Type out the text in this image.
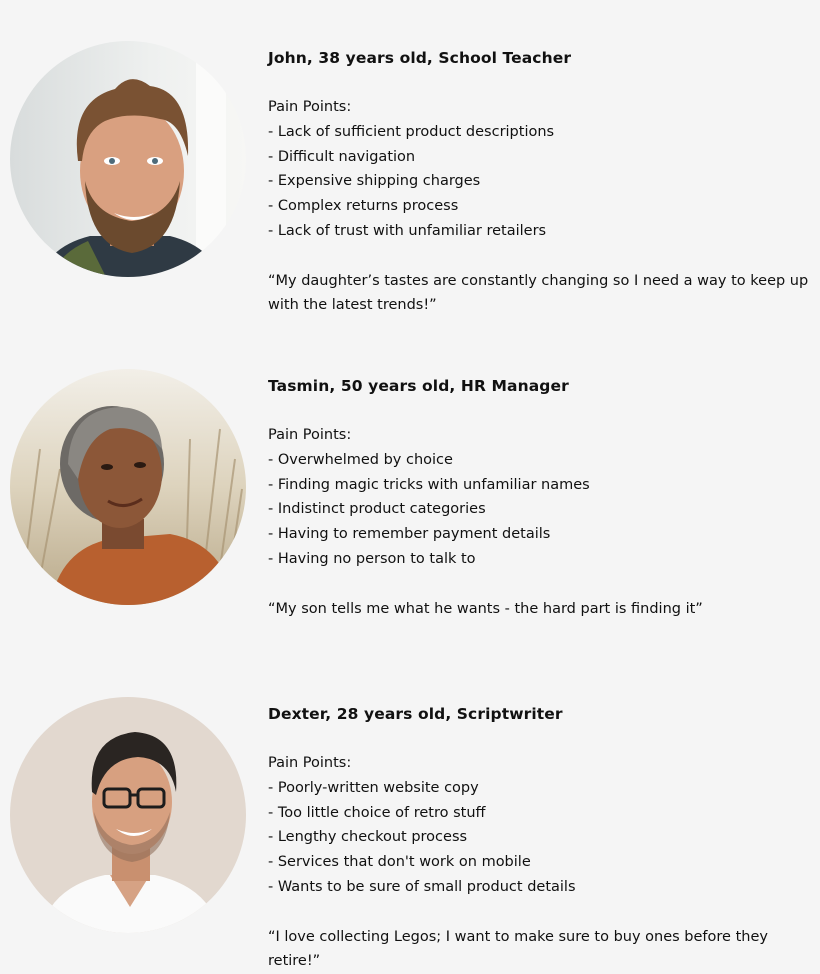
John, 38 years old, School Teacher

Pain Points:
- Lack of sufficient product descriptions
- Difficult navigation
- Expensive shipping charges
- Complex returns process
- Lack of trust with unfamiliar retailers
“My daughter’s tastes are constantly changing so I need a way to keep up with the latest trends!”

Tasmin, 50 years old, HR Manager

Pain Points:
- Overwhelmed by choice
- Finding magic tricks with unfamiliar names
- Indistinct product categories
- Having to remember payment details
- Having no person to talk to
“My son tells me what he wants - the hard part is finding it”

Dexter, 28 years old, Scriptwriter

Pain Points:
- Poorly-written website copy
- Too little choice of retro stuff
- Lengthy checkout process
- Services that don't work on mobile
- Wants to be sure of small product details
“I love collecting Legos; I want to make sure to buy ones before they retire!”
